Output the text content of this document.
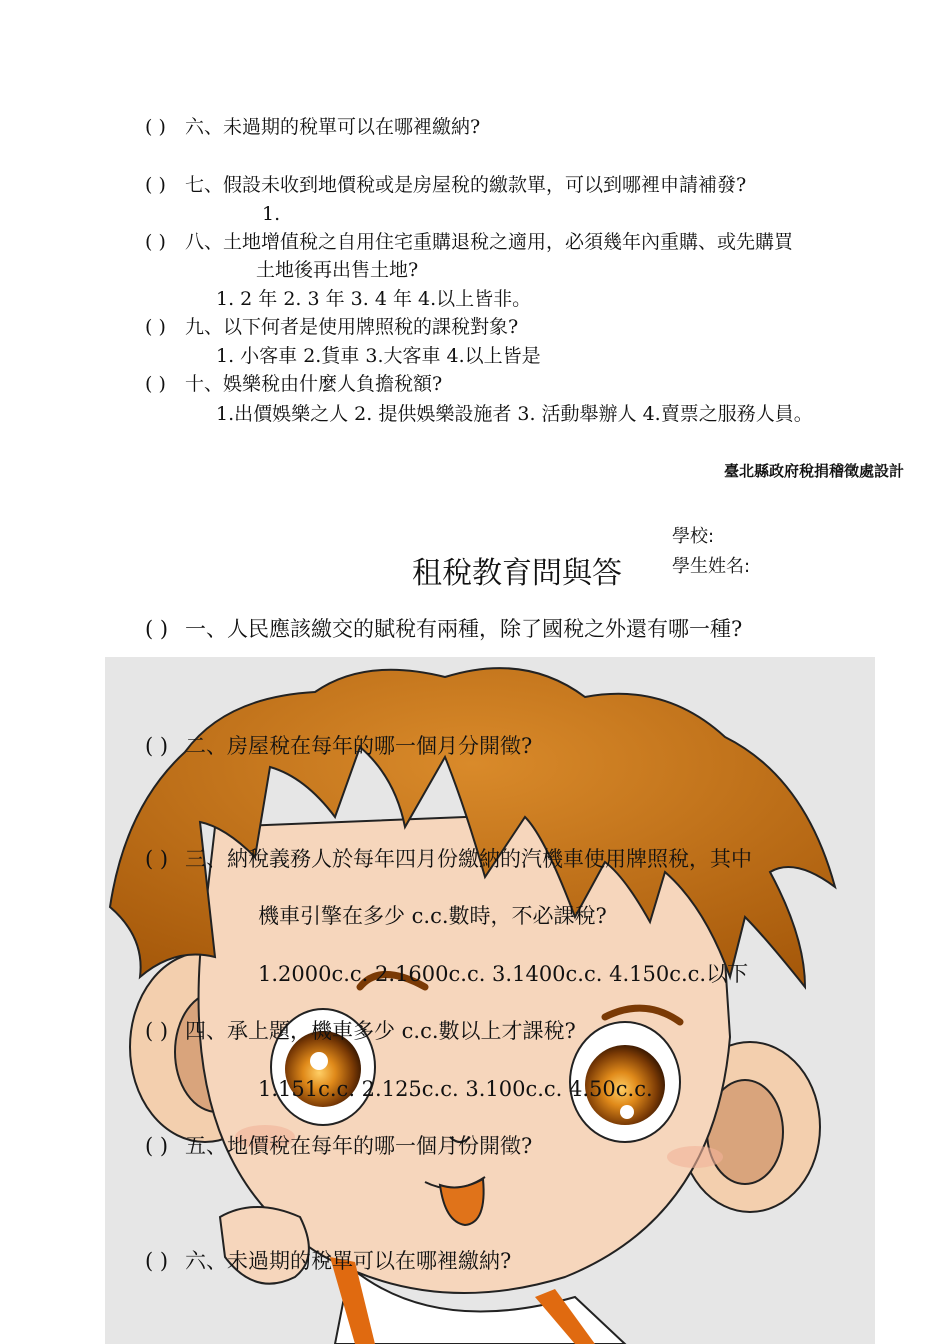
( ) 六、未過期的稅單可以在哪裡繳納?
( ) 七、假設未收到地價稅或是房屋稅的繳款單，可以到哪裡申請補發?
1.
( ) 八、土地增值稅之自用住宅重購退稅之適用，必須幾年內重購、或先購買
土地後再出售土地?
1. 2 年 2. 3 年 3. 4 年 4.以上皆非。
( ) 九、以下何者是使用牌照稅的課稅對象?
1. 小客車 2.貨車 3.大客車 4.以上皆是
( ) 十、娛樂稅由什麼人負擔稅額?
1.出價娛樂之人 2. 提供娛樂設施者 3. 活動舉辦人 4.賣票之服務人員。
臺北縣政府稅捐稽徵處設計
學校:
學生姓名:
租稅教育問與答
( ) 一、人民應該繳交的賦稅有兩種，除了國稅之外還有哪一種?
( ) 二、房屋稅在每年的哪一個月分開徵?
( ) 三、納稅義務人於每年四月份繳納的汽機車使用牌照稅，其中
機車引擎在多少 c.c.數時，不必課稅?
1.2000c.c. 2.1600c.c. 3.1400c.c. 4.150c.c.以下
( ) 四、承上題，機車多少 c.c.數以上才課稅?
1.151c.c. 2.125c.c. 3.100c.c. 4.50c.c.
( ) 五、地價稅在每年的哪一個月份開徵?
( ) 六、未過期的稅單可以在哪裡繳納?
